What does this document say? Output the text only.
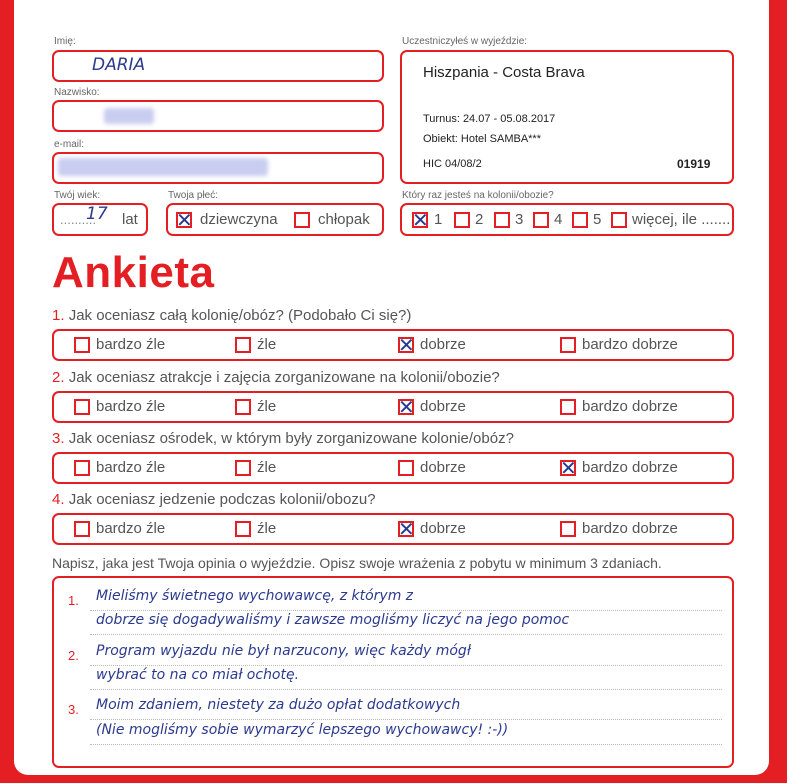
Imię:
DARIA
Nazwisko:
e-mail:
Twój wiek:
..........
17 lat
Twoja płeć:
✕ dziewczyna	chłopak
Uczestniczyłeś w wyjeździe:
Hiszpania - Costa Brava
Turnus: 24.07 - 05.08.2017
Obiekt: Hotel SAMBA***
HIC 04/08/2	01919
Który raz jesteś na kolonii/obozie?
✕ 1 2 3 4 5 więcej, ile .......
Ankieta
1. Jak oceniasz całą kolonię/obóz? (Podobało Ci się?)
bardzo źle	źle	✕ dobrze	bardzo dobrze
2. Jak oceniasz atrakcje i zajęcia zorganizowane na kolonii/obozie?
bardzo źle	źle	✕ dobrze	bardzo dobrze
3. Jak oceniasz ośrodek, w którym były zorganizowane kolonie/obóz?
bardzo źle	źle	dobrze	✕ bardzo dobrze
4. Jak oceniasz jedzenie podczas kolonii/obozu?
bardzo źle	źle	✕ dobrze	bardzo dobrze
Napisz, jaka jest Twoja opinia o wyjeździe. Opisz swoje wrażenia z pobytu w minimum 3 zdaniach.
1. Mieliśmy świetnego wychowawcę, z którym z
dobrze się dogadywaliśmy i zawsze mogliśmy liczyć na jego pomoc
2. Program wyjazdu nie był narzucony, więc każdy mógł
wybrać to na co miał ochotę.
3. Moim zdaniem, niestety za dużo opłat dodatkowych
(Nie mogliśmy sobie wymarzyć lepszego wychowawcy! :-))
